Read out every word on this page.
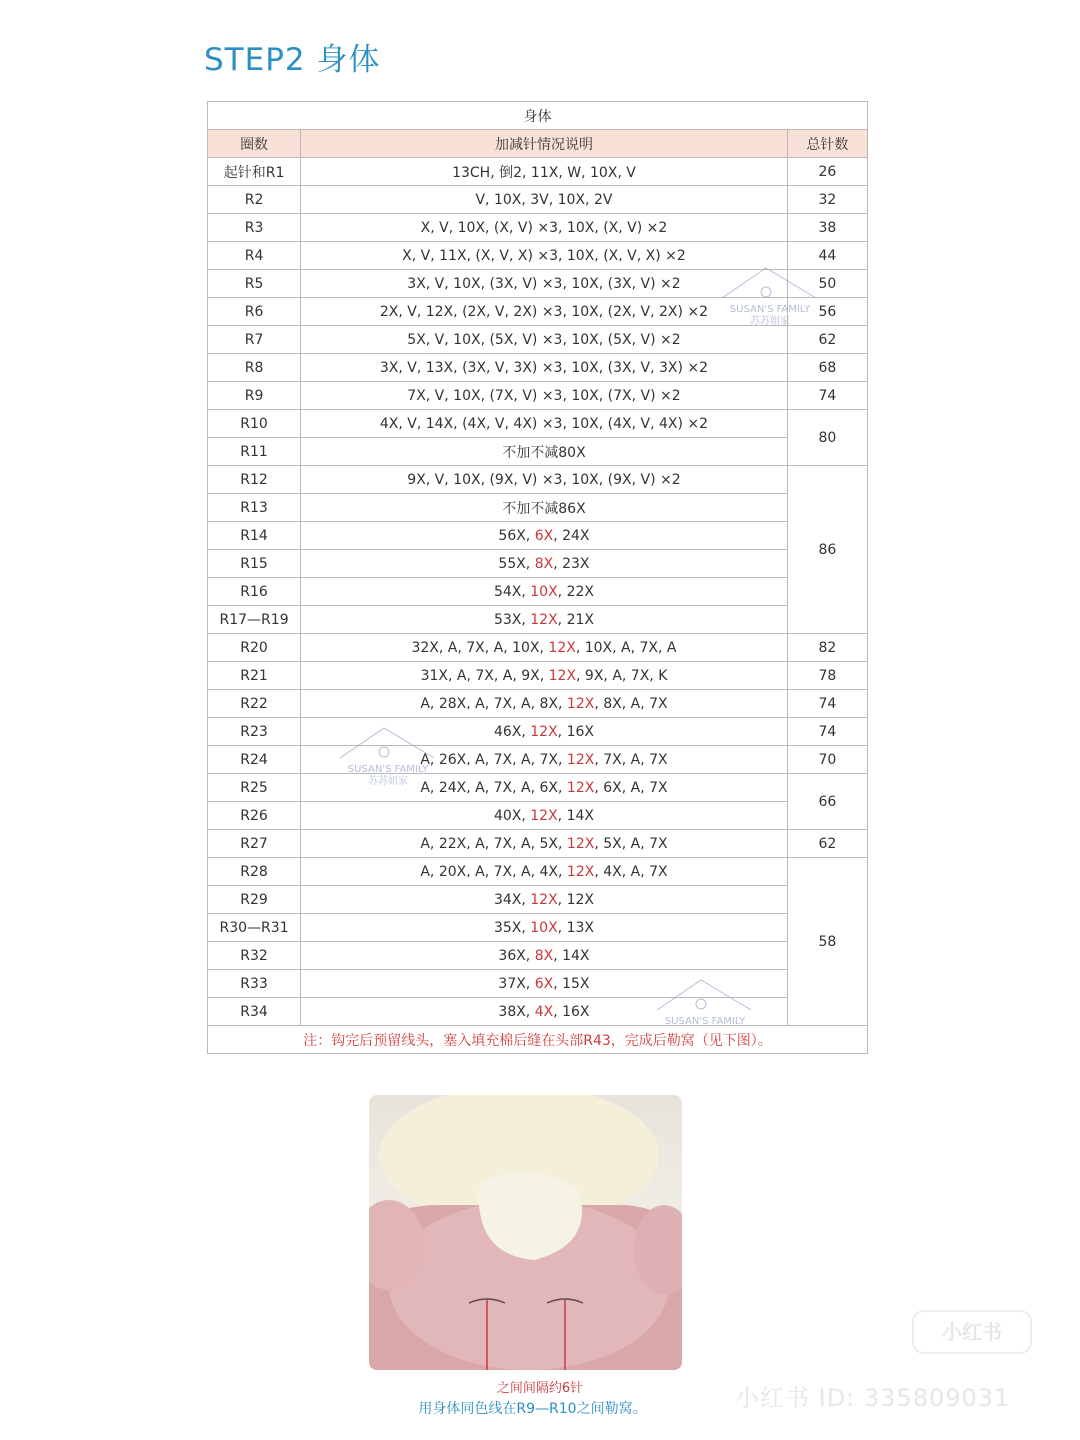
STEP2 身体
身体		
圈数	加减针情况说明	总针数
起针和R1	13CH, 倒2, 11X, W, 10X, V	26
R2	V, 10X, 3V, 10X, 2V	32
R3	X, V, 10X, (X, V) ×3, 10X, (X, V) ×2	38
R4	X, V, 11X, (X, V, X) ×3, 10X, (X, V, X) ×2	44
R5	3X, V, 10X, (3X, V) ×3, 10X, (3X, V) ×2	50
R6	2X, V, 12X, (2X, V, 2X) ×3, 10X, (2X, V, 2X) ×2	56
R7	5X, V, 10X, (5X, V) ×3, 10X, (5X, V) ×2	62
R8	3X, V, 13X, (3X, V, 3X) ×3, 10X, (3X, V, 3X) ×2	68
R9	7X, V, 10X, (7X, V) ×3, 10X, (7X, V) ×2	74
R10	4X, V, 14X, (4X, V, 4X) ×3, 10X, (4X, V, 4X) ×2	80
R11	不加不减80X	
R12	9X, V, 10X, (9X, V) ×3, 10X, (9X, V) ×2	86
R13	不加不减86X	
R14	56X, 6X, 24X	
R15	55X, 8X, 23X	
R16	54X, 10X, 22X	
R17—R19	53X, 12X, 21X	
R20	32X, A, 7X, A, 10X, 12X, 10X, A, 7X, A	82
R21	31X, A, 7X, A, 9X, 12X, 9X, A, 7X, K	78
R22	A, 28X, A, 7X, A, 8X, 12X, 8X, A, 7X	74
R23	46X, 12X, 16X	74
R24	A, 26X, A, 7X, A, 7X, 12X, 7X, A, 7X	70
R25	A, 24X, A, 7X, A, 6X, 12X, 6X, A, 7X	66
R26	40X, 12X, 14X	
R27	A, 22X, A, 7X, A, 5X, 12X, 5X, A, 7X	62
R28	A, 20X, A, 7X, A, 4X, 12X, 4X, A, 7X	58
R29	34X, 12X, 12X	
R30—R31	35X, 10X, 13X	
R32	36X, 8X, 14X	
R33	37X, 6X, 15X	
R34	38X, 4X, 16X	
注：钩完后预留线头，塞入填充棉后缝在头部R43，完成后勒窝（见下图）。		
SUSAN'S FAMILY
苏苏姐家
SUSAN'S FAMILY
苏苏姐家
SUSAN'S FAMILY
之间间隔约6针
用身体同色线在R9—R10之间勒窝。
小红书
小红书 ID: 335809031
